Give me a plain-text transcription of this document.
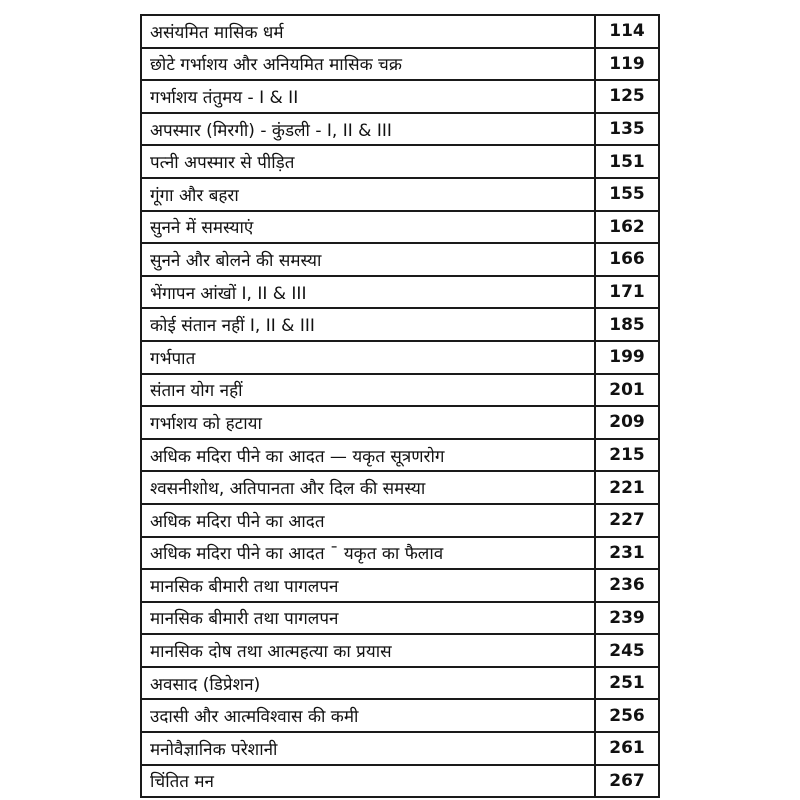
असंयमित मासिक धर्म	114
छोटे गर्भाशय और अनियमित मासिक चक्र	119
गर्भाशय तंतुमय - I & II	125
अपस्मार (मिरगी) - कुंडली - I, II & III	135
पत्नी अपस्मार से पीड़ित	151
गूंगा और बहरा	155
सुनने में समस्याएं	162
सुनने और बोलने की समस्या	166
भेंगापन आंखों I, II & III	171
कोई संतान नहीं I, II & III	185
गर्भपात	199
संतान योग नहीं	201
गर्भाशय को हटाया	209
अधिक मदिरा पीने का आदत — यकृत सूत्रणरोग	215
श्वसनीशोथ, अतिपानता और दिल की समस्या	221
अधिक मदिरा पीने का आदत	227
अधिक मदिरा पीने का आदत ¯ यकृत का फैलाव	231
मानसिक बीमारी तथा पागलपन	236
मानसिक बीमारी तथा पागलपन	239
मानसिक दोष तथा आत्महत्या का प्रयास	245
अवसाद (डिप्रेशन)	251
उदासी और आत्मविश्वास की कमी	256
मनोवैज्ञानिक परेशानी	261
चिंतित मन	267
